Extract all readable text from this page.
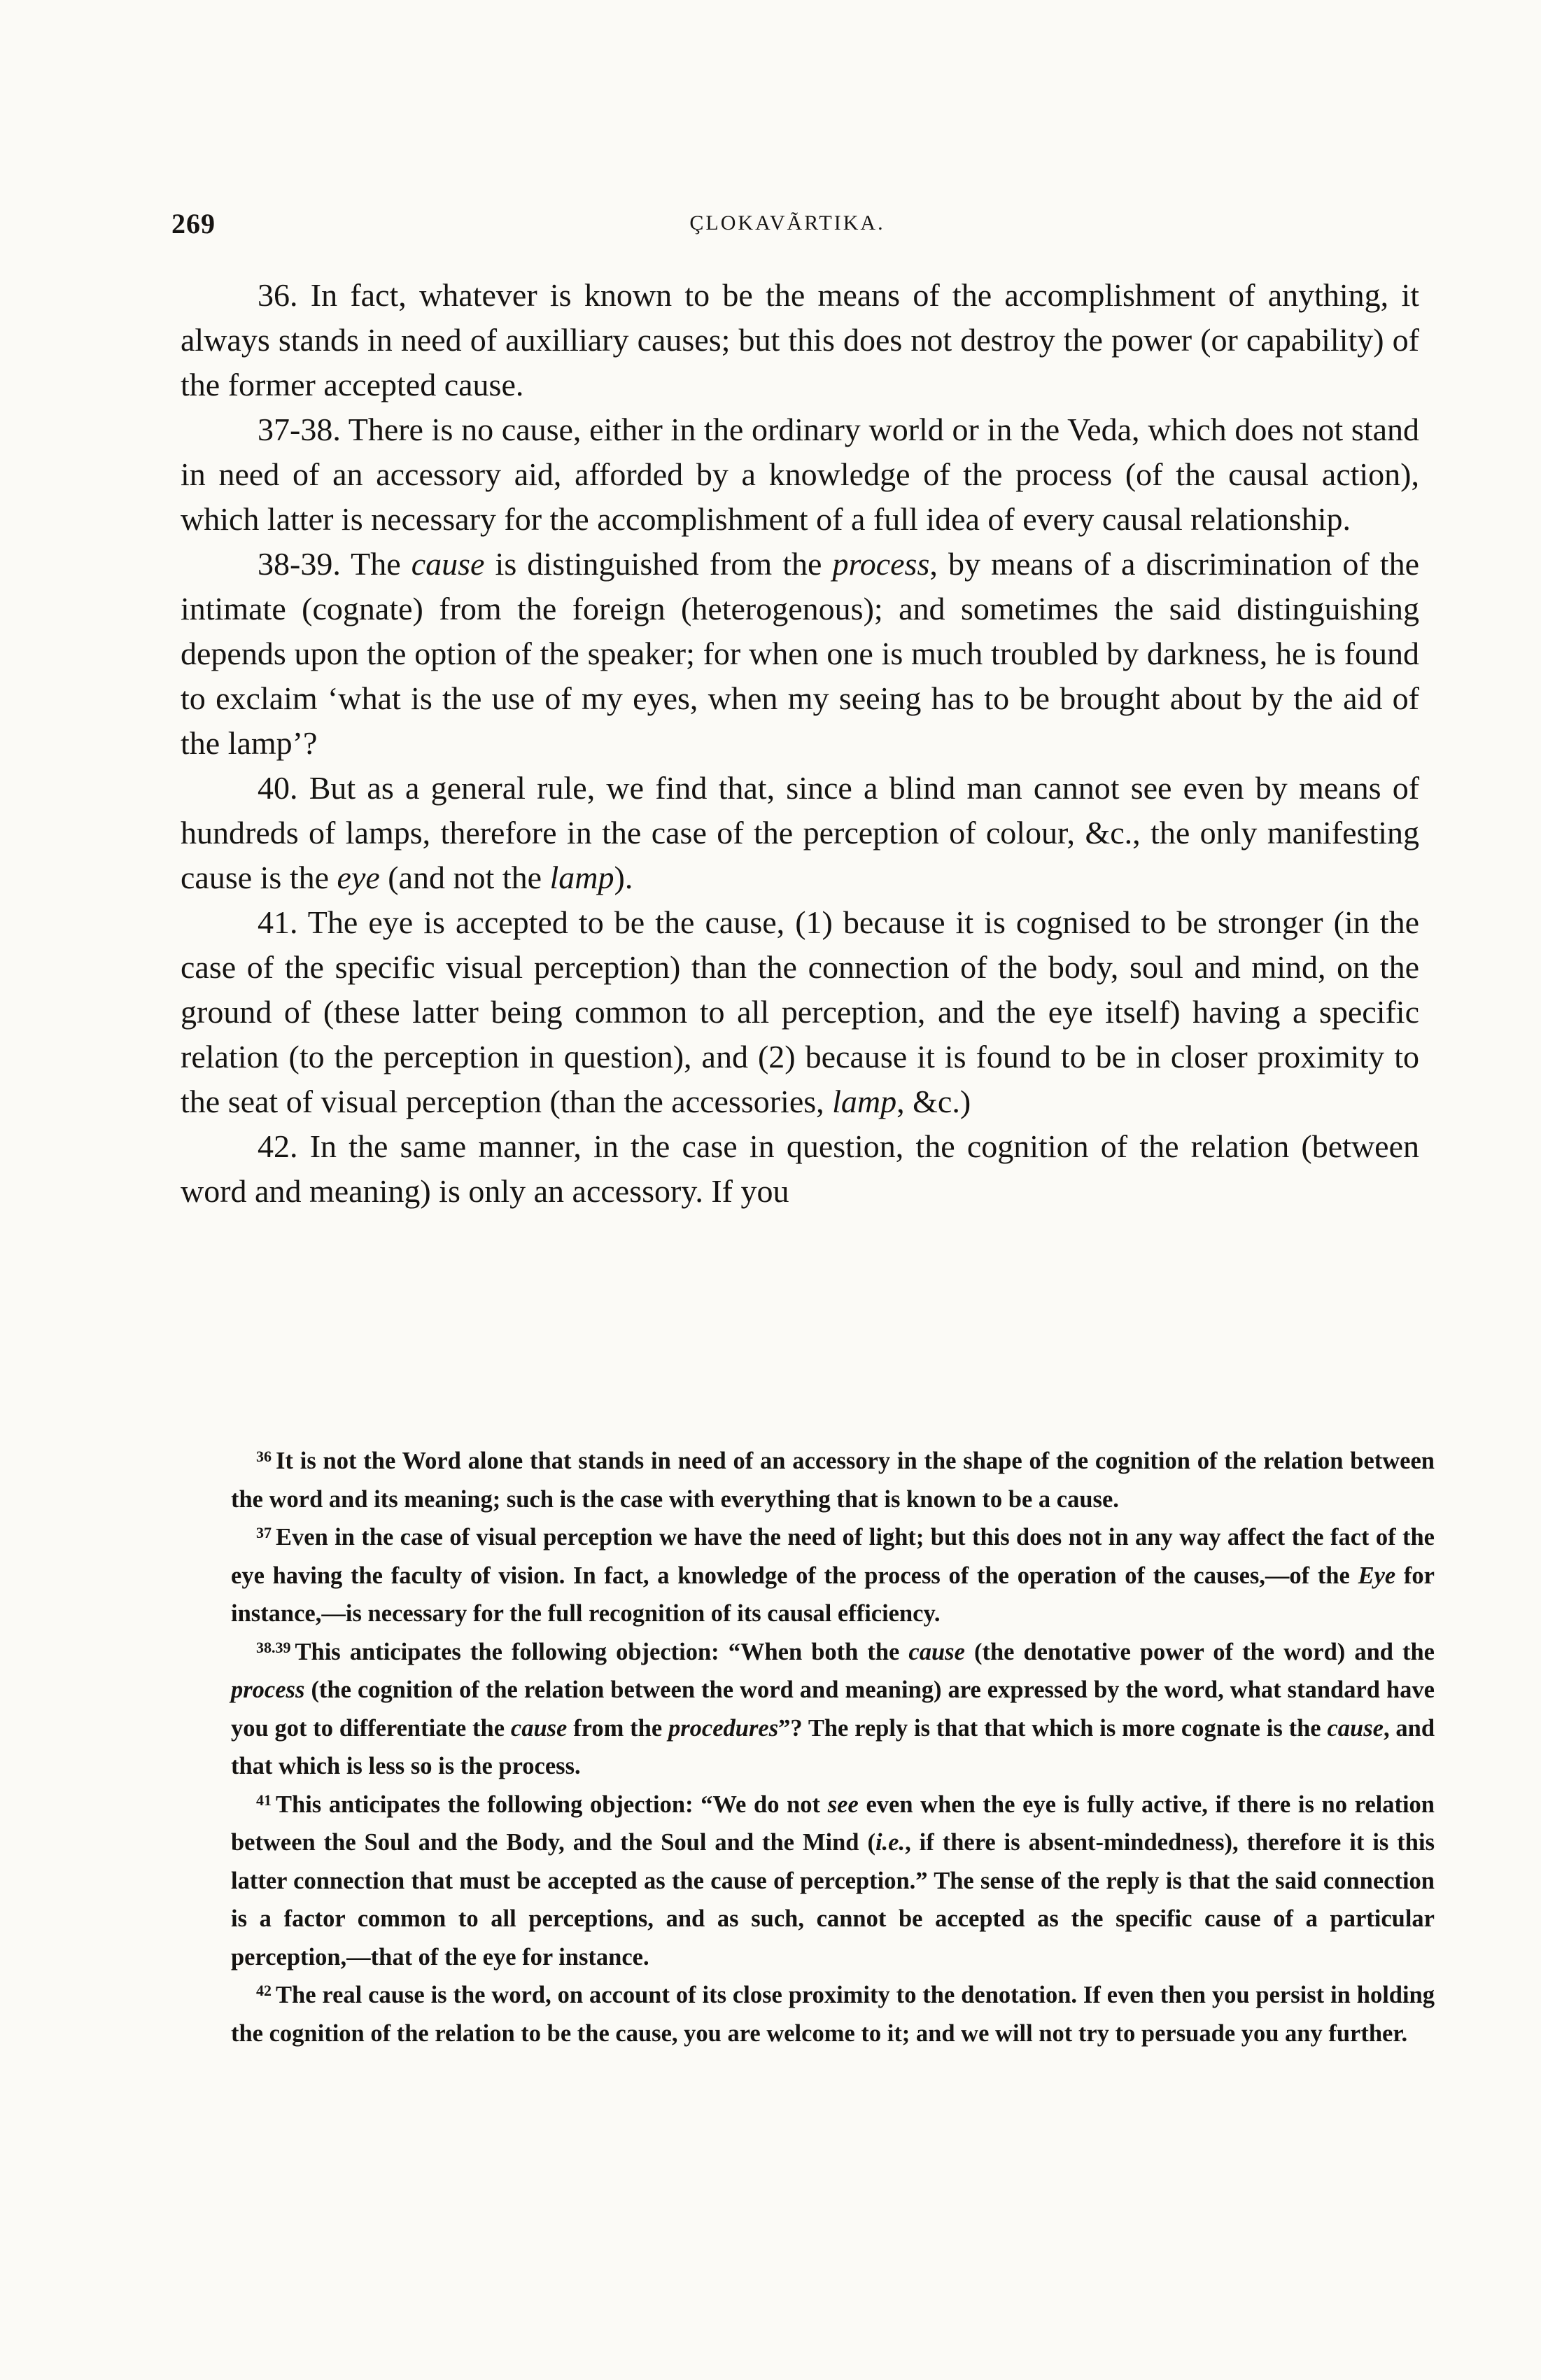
269	ÇLOKAVÃRTIKA.

36. In fact, whatever is known to be the means of the accomplishment of anything, it always stands in need of auxilliary causes; but this does not destroy the power (or capability) of the former accepted cause.

37-38. There is no cause, either in the ordinary world or in the Veda, which does not stand in need of an accessory aid, afforded by a knowledge of the process (of the causal action), which latter is necessary for the accomplishment of a full idea of every causal relationship.

38-39. The cause is distinguished from the process, by means of a discrimination of the intimate (cognate) from the foreign (heterogenous); and sometimes the said distinguishing depends upon the option of the speaker; for when one is much troubled by darkness, he is found to exclaim ‘what is the use of my eyes, when my seeing has to be brought about by the aid of the lamp’?

40. But as a general rule, we find that, since a blind man cannot see even by means of hundreds of lamps, therefore in the case of the perception of colour, &c., the only manifesting cause is the eye (and not the lamp).

41. The eye is accepted to be the cause, (1) because it is cognised to be stronger (in the case of the specific visual perception) than the connection of the body, soul and mind, on the ground of (these latter being common to all perception, and the eye itself) having a specific relation (to the perception in question), and (2) because it is found to be in closer proximity to the seat of visual perception (than the accessories, lamp, &c.)

42. In the same manner, in the case in question, the cognition of the relation (between word and meaning) is only an accessory. If you

$^{36}$ It is not the Word alone that stands in need of an accessory in the shape of the cognition of the relation between the word and its meaning; such is the case with everything that is known to be a cause.

$^{37}$ Even in the case of visual perception we have the need of light; but this does not in any way affect the fact of the eye having the faculty of vision. In fact, a knowledge of the process of the operation of the causes,—of the Eye for instance,—is necessary for the full recognition of its causal efficiency.

$^{38.39}$ This anticipates the following objection: “When both the cause (the denotative power of the word) and the process (the cognition of the relation between the word and meaning) are expressed by the word, what standard have you got to differentiate the cause from the procedures”? The reply is that that which is more cognate is the cause, and that which is less so is the process.

$^{41}$ This anticipates the following objection: “We do not see even when the eye is fully active, if there is no relation between the Soul and the Body, and the Soul and the Mind (i.e., if there is absent-mindedness), therefore it is this latter connection that must be accepted as the cause of perception.” The sense of the reply is that the said connection is a factor common to all perceptions, and as such, cannot be accepted as the specific cause of a particular perception,—that of the eye for instance.

$^{42}$ The real cause is the word, on account of its close proximity to the denotation. If even then you persist in holding the cognition of the relation to be the cause, you are welcome to it; and we will not try to persuade you any further.
